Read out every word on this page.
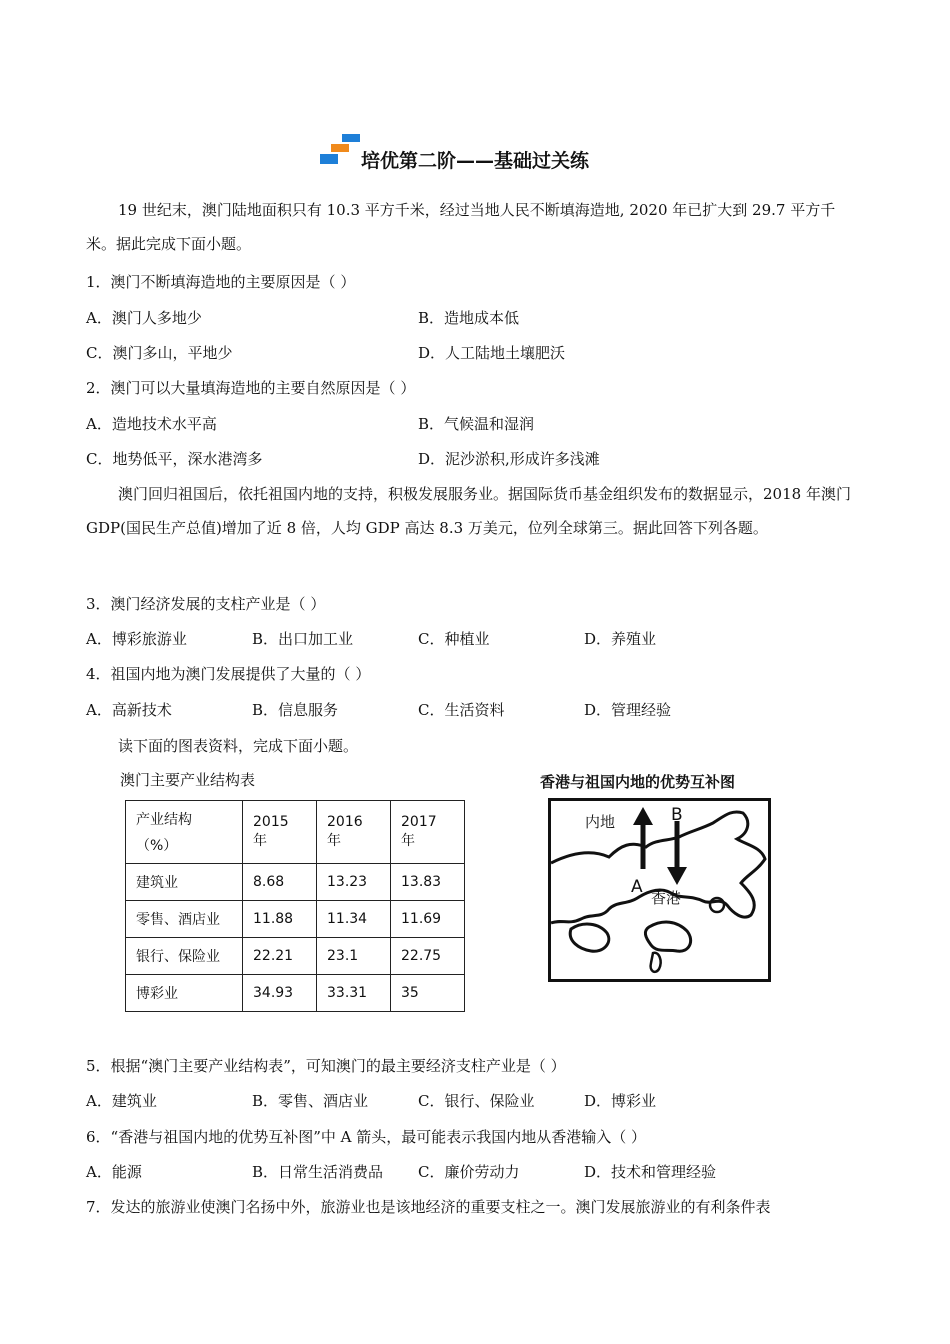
培优第二阶——基础过关练
19 世纪末，澳门陆地面积只有 10.3 平方千米，经过当地人民不断填海造地, 2020 年已扩大到 29.7 平方千米。据此完成下面小题。
1．澳门不断填海造地的主要原因是（ ）
A．澳门人多地少	B．造地成本低
C．澳门多山，平地少	D．人工陆地土壤肥沃
2．澳门可以大量填海造地的主要自然原因是（ ）
A．造地技术水平高	B．气候温和湿润
C．地势低平，深水港湾多	D．泥沙淤积,形成许多浅滩
澳门回归祖国后，依托祖国内地的支持，积极发展服务业。据国际货币基金组织发布的数据显示，2018 年澳门 GDP(国民生产总值)增加了近 8 倍，人均 GDP 高达 8.3 万美元，位列全球第三。据此回答下列各题。
3．澳门经济发展的支柱产业是（ ）
A．博彩旅游业	B．出口加工业	C．种植业	D．养殖业
4．祖国内地为澳门发展提供了大量的（ ）
A．高新技术	B．信息服务	C．生活资料	D．管理经验
读下面的图表资料，完成下面小题。
澳门主要产业结构表
产业结构
（%）	2015 年	2016 年	2017 年
建筑业	8.68	13.23	13.83
零售、酒店业	11.88	11.34	11.69
银行、保险业	22.21	23.1	22.75
博彩业	34.93	33.31	35
香港与祖国内地的优势互补图
内地	B
A
香港
5．根据“澳门主要产业结构表”，可知澳门的最主要经济支柱产业是（ ）
A．建筑业	B．零售、酒店业	C．银行、保险业	D．博彩业
6．“香港与祖国内地的优势互补图”中 A 箭头，最可能表示我国内地从香港输入（ ）
A．能源	B．日常生活消费品 C．廉价劳动力	D．技术和管理经验
7．发达的旅游业使澳门名扬中外，旅游业也是该地经济的重要支柱之一。澳门发展旅游业的有利条件表
